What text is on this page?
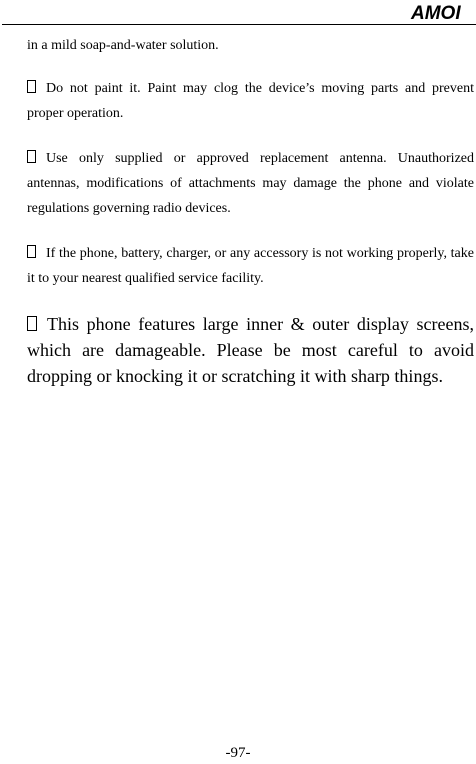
AMOI

in a mild soap-and-water solution.

Do not paint it. Paint may clog the device’s moving parts and prevent proper operation.

Use only supplied or approved replacement antenna. Unauthorized antennas, modifications of attachments may damage the phone and violate regulations governing radio devices.

If the phone, battery, charger, or any accessory is not working properly, take it to your nearest qualified service facility.

This phone features large inner & outer display screens, which are damageable. Please be most careful to avoid dropping or knocking it or scratching it with sharp things.

-97-
